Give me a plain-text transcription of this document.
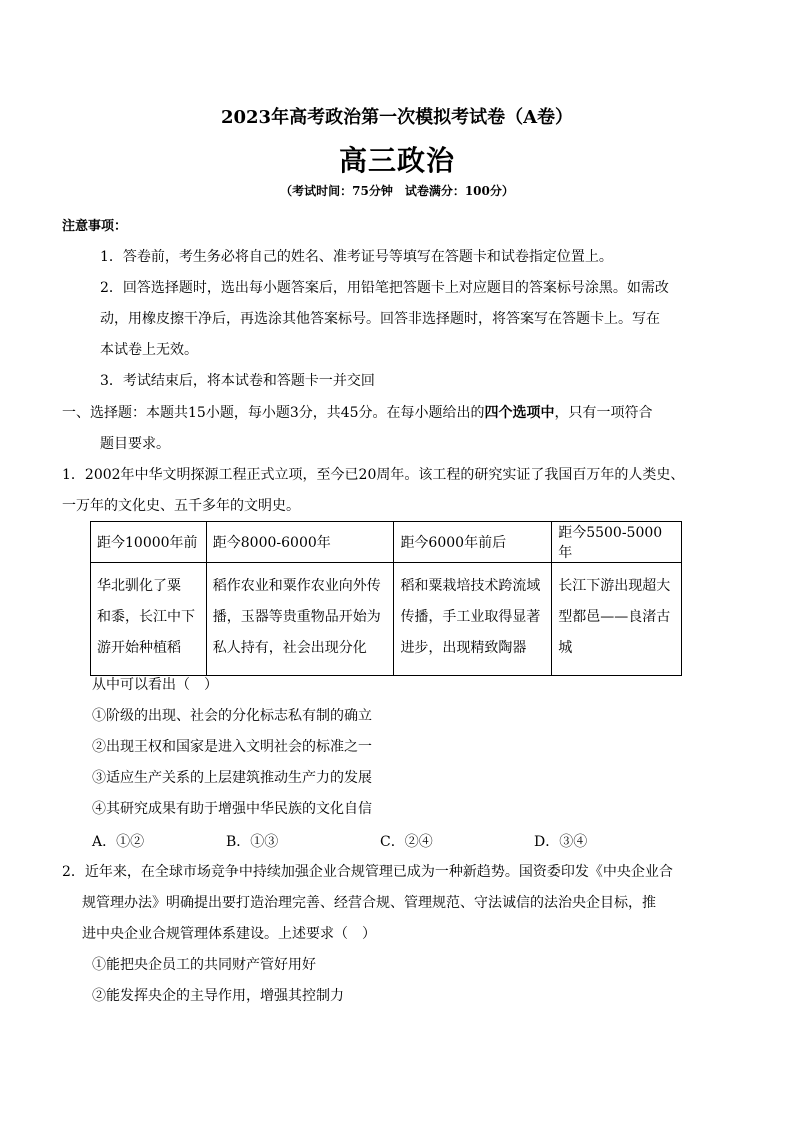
2023年高考政治第一次模拟考试卷（A卷）
高三政治
（考试时间：75分钟　试卷满分：100分）
注意事项：
1．答卷前，考生务必将自己的姓名、准考证号等填写在答题卡和试卷指定位置上。
2．回答选择题时，选出每小题答案后，用铅笔把答题卡上对应题目的答案标号涂黑。如需改
动，用橡皮擦干净后，再选涂其他答案标号。回答非选择题时，将答案写在答题卡上。写在
本试卷上无效。
3．考试结束后，将本试卷和答题卡一并交回
一、选择题：本题共15小题，每小题3分，共45分。在每小题给出的四个选项中，只有一项符合
题目要求。
1．2002年中华文明探源工程正式立项，至今已20周年。该工程的研究实证了我国百万年的人类史、
一万年的文化史、五千多年的文明史。
距今10000年前	距今8000-6000年	距今6000年前后	距今5500-5000年

华北驯化了粟
和黍，长江中下
游开始种植稻	稻作农业和粟作农业向外传
播，玉器等贵重物品开始为
私人持有，社会出现分化	稻和粟栽培技术跨流域
传播，手工业取得显著
进步，出现精致陶器	长江下游出现超大
型都邑——良渚古
城
从中可以看出（　）
①阶级的出现、社会的分化标志私有制的确立
②出现王权和国家是进入文明社会的标准之一
③适应生产关系的上层建筑推动生产力的发展
④其研究成果有助于增强中华民族的文化自信
A．①②	B．①③	C．②④	D．③④
2．近年来，在全球市场竞争中持续加强企业合规管理已成为一种新趋势。国资委印发《中央企业合
规管理办法》明确提出要打造治理完善、经营合规、管理规范、守法诚信的法治央企目标，推
进中央企业合规管理体系建设。上述要求（　）
①能把央企员工的共同财产管好用好
②能发挥央企的主导作用，增强其控制力
